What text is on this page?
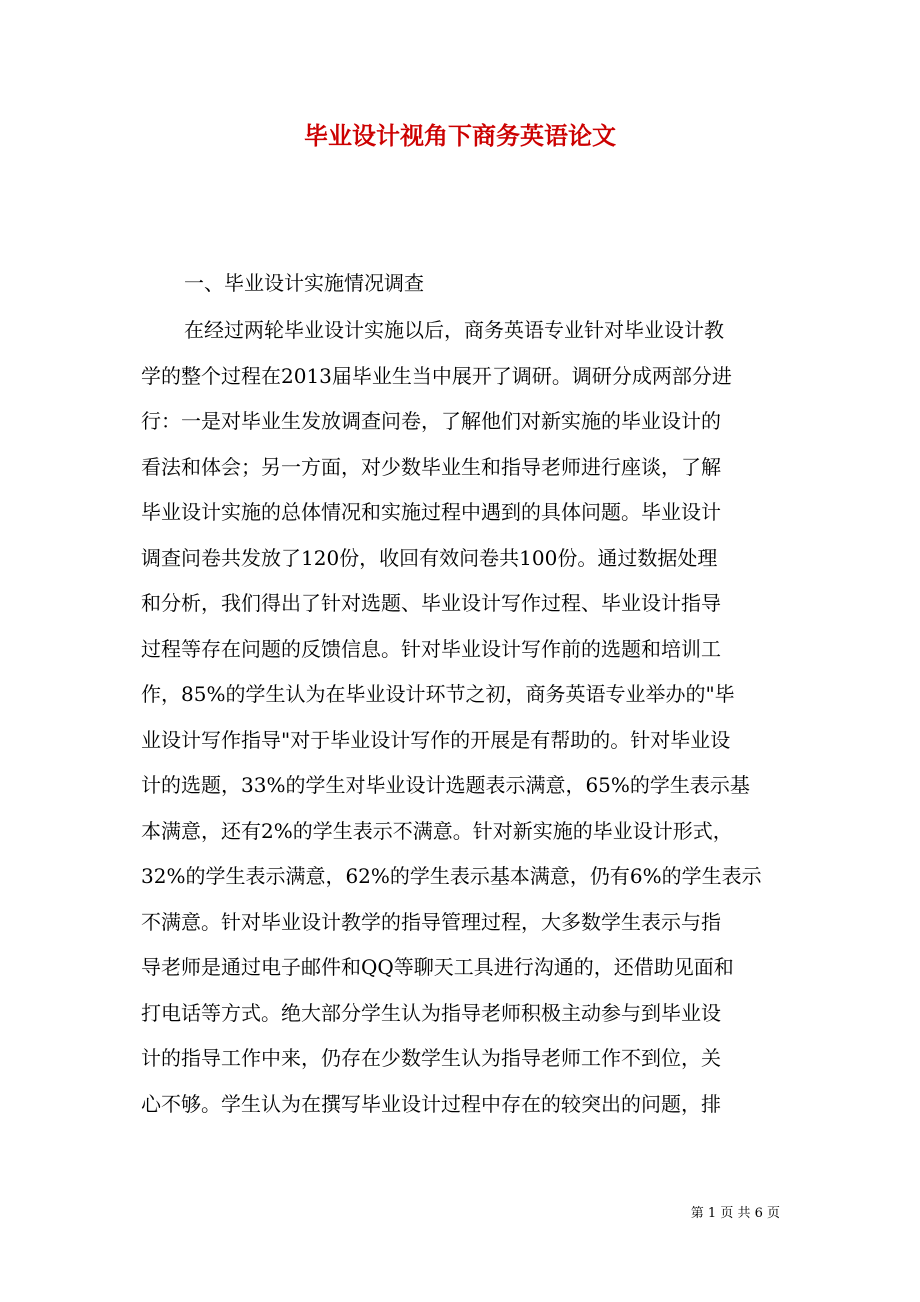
毕业设计视角下商务英语论文
一、毕业设计实施情况调查
在经过两轮毕业设计实施以后，商务英语专业针对毕业设计教
学的整个过程在2013届毕业生当中展开了调研。调研分成两部分进
行：一是对毕业生发放调查问卷，了解他们对新实施的毕业设计的
看法和体会；另一方面，对少数毕业生和指导老师进行座谈，了解
毕业设计实施的总体情况和实施过程中遇到的具体问题。毕业设计
调查问卷共发放了120份，收回有效问卷共100份。通过数据处理
和分析，我们得出了针对选题、毕业设计写作过程、毕业设计指导
过程等存在问题的反馈信息。针对毕业设计写作前的选题和培训工
作，85%的学生认为在毕业设计环节之初，商务英语专业举办的"毕
业设计写作指导"对于毕业设计写作的开展是有帮助的。针对毕业设
计的选题，33%的学生对毕业设计选题表示满意，65%的学生表示基
本满意，还有2%的学生表示不满意。针对新实施的毕业设计形式，
32%的学生表示满意，62%的学生表示基本满意，仍有6%的学生表示
不满意。针对毕业设计教学的指导管理过程，大多数学生表示与指
导老师是通过电子邮件和QQ等聊天工具进行沟通的，还借助见面和
打电话等方式。绝大部分学生认为指导老师积极主动参与到毕业设
计的指导工作中来，仍存在少数学生认为指导老师工作不到位，关
心不够。学生认为在撰写毕业设计过程中存在的较突出的问题，排
第 1 页 共 6 页
